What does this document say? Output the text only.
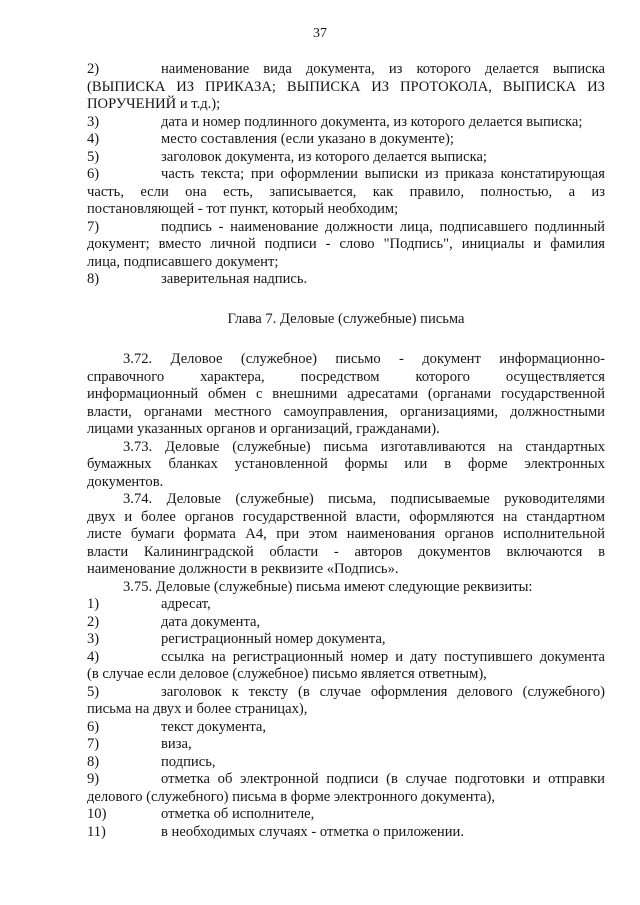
37
2)	наименование вида документа, из которого делается выписка
(ВЫПИСКА ИЗ ПРИКАЗА; ВЫПИСКА ИЗ ПРОТОКОЛА, ВЫПИСКА ИЗ
ПОРУЧЕНИЙ и т.д.);
3)	дата и номер подлинного документа, из которого делается выписка;
4)	место составления (если указано в документе);
5)	заголовок документа, из которого делается выписка;
6)	часть текста; при оформлении выписки из приказа констатирующая
часть, если она есть, записывается, как правило, полностью, а из
постановляющей - тот пункт, который необходим;
7)	подпись - наименование должности лица, подписавшего подлинный
документ; вместо личной подписи - слово "Подпись", инициалы и фамилия
лица, подписавшего документ;
8)	заверительная надпись.
Глава 7. Деловые (служебные) письма
3.72. Деловое (служебное) письмо - документ информационно-
справочного характера, посредством которого осуществляется
информационный обмен с внешними адресатами (органами государственной
власти, органами местного самоуправления, организациями, должностными
лицами указанных органов и организаций, гражданами).
3.73. Деловые (служебные) письма изготавливаются на стандартных
бумажных бланках установленной формы или в форме электронных
документов.
3.74. Деловые (служебные) письма, подписываемые руководителями
двух и более органов государственной власти, оформляются на стандартном
листе бумаги формата А4, при этом наименования органов исполнительной
власти Калининградской области - авторов документов включаются в
наименование должности в реквизите «Подпись».
3.75. Деловые (служебные) письма имеют следующие реквизиты:
1)	адресат,
2)	дата документа,
3)	регистрационный номер документа,
4)	ссылка на регистрационный номер и дату поступившего документа
(в случае если деловое (служебное) письмо является ответным),
5)	заголовок к тексту (в случае оформления делового (служебного)
письма на двух и более страницах),
6)	текст документа,
7)	виза,
8)	подпись,
9)	отметка об электронной подписи (в случае подготовки и отправки
делового (служебного) письма в форме электронного документа),
10)	отметка об исполнителе,
11)	в необходимых случаях - отметка о приложении.
